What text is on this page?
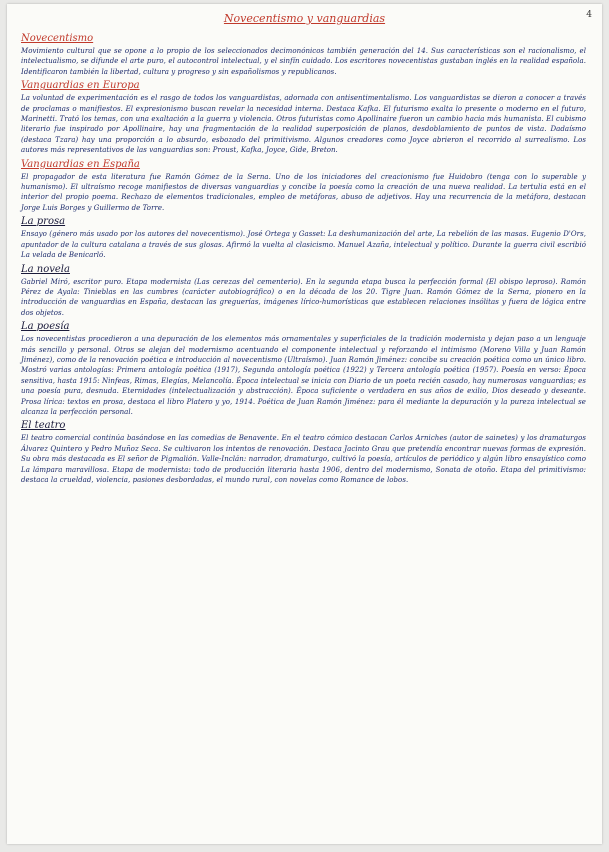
4
Novecentismo y vanguardias
Novecentismo

Movimiento cultural que se opone a lo propio de los seleccionados decimonónicos también generación del 14. Sus características son el racionalismo, el intelectualismo, se difunde el arte puro, el autocontrol intelectual, y el sinfín cuidado. Los escritores novecentistas gustaban inglés en la realidad española. Identificaron también la libertad, cultura y progreso y sin españolismos y republicanos.

Vanguardias en Europa

La voluntad de experimentación es el rasgo de todos los vanguardistas, adornada con antisentimentalismo. Los vanguardistas se dieron a conocer a través de proclamas o manifiestos. El expresionismo buscan revelar la necesidad interna. Destaca Kafka. El futurismo exalta lo presente o moderno en el futuro, Marinetti. Trató los temas, con una exaltación a la guerra y violencia. Otros futuristas como Apollinaire fueron un cambio hacia más humanista. El cubismo literario fue inspirado por Apollinaire, hay una fragmentación de la realidad superposición de planos, desdoblamiento de puntos de vista. Dadaísmo (destaca Tzara) hay una proporción a lo absurdo, esbozado del primitivismo. Algunos creadores como Joyce abrieron el recorrido al surrealismo. Los autores más representativos de las vanguardias son: Proust, Kafka, Joyce, Gide, Breton.

Vanguardias en España

El propagador de esta literatura fue Ramón Gómez de la Serna. Uno de los iniciadores del creacionismo fue Huidobro (tenga con lo superable y humanismo). El ultraísmo recoge manifiestos de diversas vanguardias y concibe la poesía como la creación de una nueva realidad. La tertulia está en el interior del propio poema. Rechazo de elementos tradicionales, empleo de metáforas, abuso de adjetivos. Hay una recurrencia de la metáfora, destacan Jorge Luis Borges y Guillermo de Torre.

La prosa

Ensayo (género más usado por los autores del novecentismo). José Ortega y Gasset: La deshumanización del arte, La rebelión de las masas. Eugenio D'Ors, apuntador de la cultura catalana a través de sus glosas. Afirmó la vuelta al clasicismo. Manuel Azaña, intelectual y político. Durante la guerra civil escribió La velada de Benicarló.

La novela

Gabriel Miró, escritor puro. Etapa modernista (Las cerezas del cementerio). En la segunda etapa busca la perfección formal (El obispo leproso). Ramón Pérez de Ayala: Tinieblas en las cumbres (carácter autobiográfico) o en la década de los 20. Tigre Juan. Ramón Gómez de la Serna, pionero en la introducción de vanguardias en España, destacan las greguerías, imágenes lírico-humorísticas que establecen relaciones insólitas y fuera de lógica entre dos objetos.

La poesía

Los novecentistas procedieron a una depuración de los elementos más ornamentales y superficiales de la tradición modernista y dejan paso a un lenguaje más sencillo y personal. Otros se alejan del modernismo acentuando el componente intelectual y reforzando el intimismo (Moreno Villa y Juan Ramón Jiménez), como de la renovación poética e introducción al novecentismo (Ultraísmo). Juan Ramón Jiménez: concibe su creación poética como un único libro. Mostró varias antologías: Primera antología poética (1917), Segunda antología poética (1922) y Tercera antología poética (1957). Poesía en verso: Época sensitiva, hasta 1915: Ninfeas, Rimas, Elegías, Melancolía. Época intelectual se inicia con Diario de un poeta recién casado, hay numerosas vanguardias; es una poesía pura, desnuda. Eternidades (intelectualización y abstracción). Época suficiente o verdadera en sus años de exilio, Dios deseado y deseante. Prosa lírica: textos en prosa, destaca el libro Platero y yo, 1914. Poética de Juan Ramón Jiménez: para él mediante la depuración y la pureza intelectual se alcanza la perfección personal.

El teatro

El teatro comercial continúa basándose en las comedias de Benavente. En el teatro cómico destacan Carlos Arniches (autor de sainetes) y los dramaturgos Álvarez Quintero y Pedro Muñoz Seca. Se cultivaron los intentos de renovación. Destaca Jacinto Grau que pretendía encontrar nuevas formas de expresión. Su obra más destacada es El señor de Pigmalión. Valle-Inclán: narrador, dramaturgo, cultivó la poesía, artículos de periódico y algún libro ensayístico como La lámpara maravillosa. Etapa de modernista: todo de producción literaria hasta 1906, dentro del modernismo, Sonata de otoño. Etapa del primitivismo: destaca la crueldad, violencia, pasiones desbordadas, el mundo rural, con novelas como Romance de lobos.
